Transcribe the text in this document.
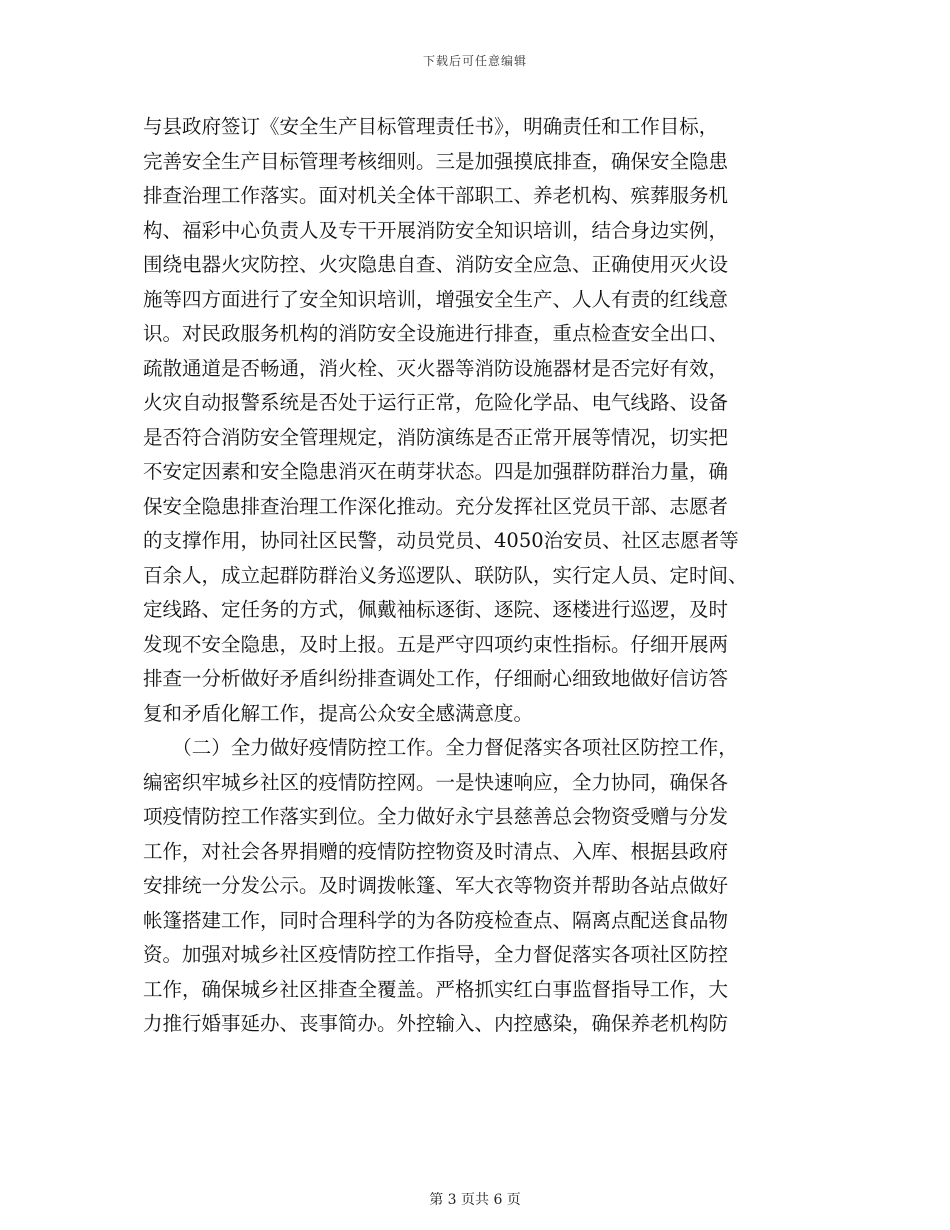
下载后可任意编辑
与县政府签订《安全生产目标管理责任书》，明确责任和工作目标，
完善安全生产目标管理考核细则。三是加强摸底排查，确保安全隐患
排查治理工作落实。面对机关全体干部职工、养老机构、殡葬服务机
构、福彩中心负责人及专干开展消防安全知识培训，结合身边实例，
围绕电器火灾防控、火灾隐患自查、消防安全应急、正确使用灭火设
施等四方面进行了安全知识培训，增强安全生产、人人有责的红线意
识。对民政服务机构的消防安全设施进行排查，重点检查安全出口、
疏散通道是否畅通，消火栓、灭火器等消防设施器材是否完好有效，
火灾自动报警系统是否处于运行正常，危险化学品、电气线路、设备
是否符合消防安全管理规定，消防演练是否正常开展等情况，切实把
不安定因素和安全隐患消灭在萌芽状态。四是加强群防群治力量，确
保安全隐患排查治理工作深化推动。充分发挥社区党员干部、志愿者
的支撑作用，协同社区民警，动员党员、4050治安员、社区志愿者等
百余人，成立起群防群治义务巡逻队、联防队，实行定人员、定时间、
定线路、定任务的方式，佩戴袖标逐街、逐院、逐楼进行巡逻，及时
发现不安全隐患，及时上报。五是严守四项约束性指标。仔细开展两
排查一分析做好矛盾纠纷排查调处工作，仔细耐心细致地做好信访答
复和矛盾化解工作，提高公众安全感满意度。
　　（二）全力做好疫情防控工作。全力督促落实各项社区防控工作，
编密织牢城乡社区的疫情防控网。一是快速响应，全力协同，确保各
项疫情防控工作落实到位。全力做好永宁县慈善总会物资受赠与分发
工作，对社会各界捐赠的疫情防控物资及时清点、入库、根据县政府
安排统一分发公示。及时调拨帐篷、军大衣等物资并帮助各站点做好
帐篷搭建工作，同时合理科学的为各防疫检查点、隔离点配送食品物
资。加强对城乡社区疫情防控工作指导，全力督促落实各项社区防控
工作，确保城乡社区排查全覆盖。严格抓实红白事监督指导工作，大
力推行婚事延办、丧事简办。外控输入、内控感染，确保养老机构防
第 3 页共 6 页
